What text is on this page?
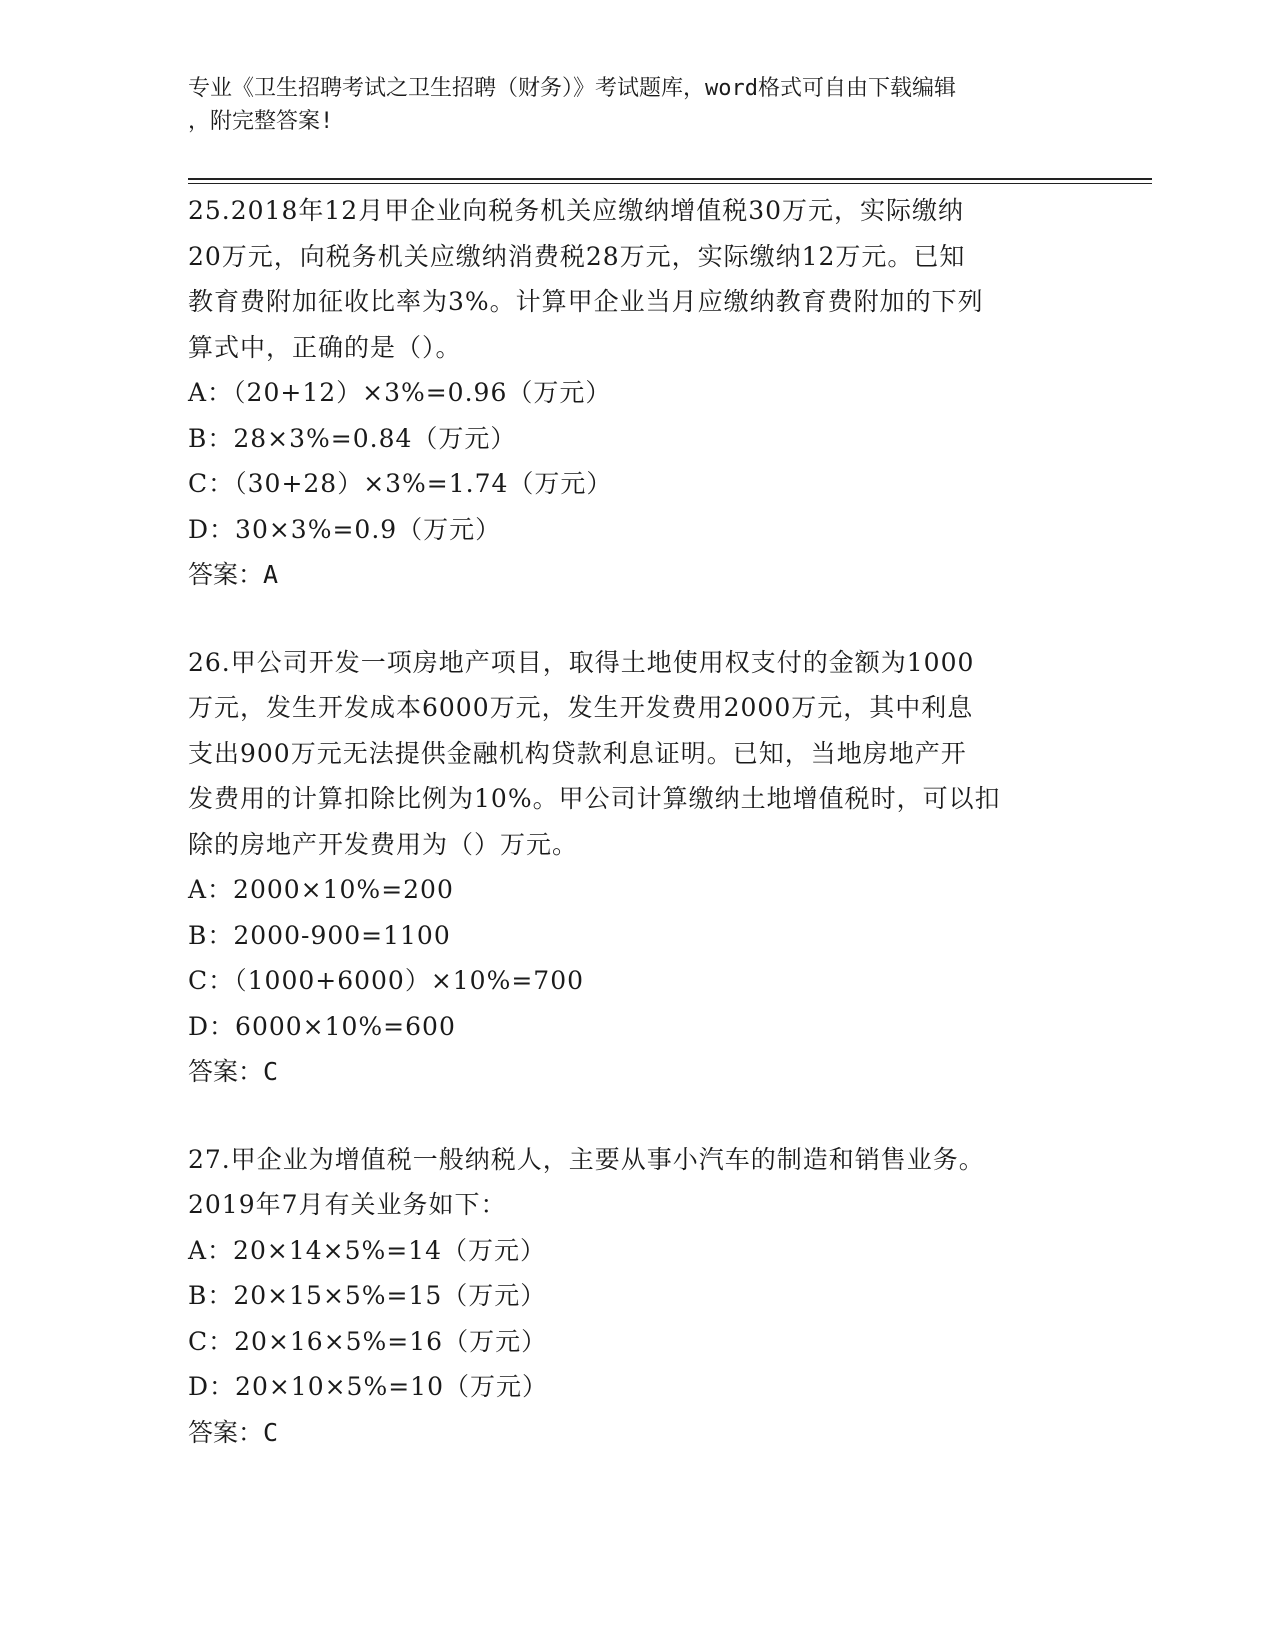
专业《卫生招聘考试之卫生招聘（财务）》考试题库，word格式可自由下载编辑
，附完整答案!
25.2018年12月甲企业向税务机关应缴纳增值税30万元，实际缴纳
20万元，向税务机关应缴纳消费税28万元，实际缴纳12万元。已知
教育费附加征收比率为3%。计算甲企业当月应缴纳教育费附加的下列
算式中，正确的是（）。
A：（20+12）×3%=0.96（万元）
B：28×3%=0.84（万元）
C：（30+28）×3%=1.74（万元）
D：30×3%=0.9（万元）
答案：A
26.甲公司开发一项房地产项目，取得土地使用权支付的金额为1000
万元，发生开发成本6000万元，发生开发费用2000万元，其中利息
支出900万元无法提供金融机构贷款利息证明。已知，当地房地产开
发费用的计算扣除比例为10%。甲公司计算缴纳土地增值税时，可以扣
除的房地产开发费用为（）万元。
A：2000×10%=200
B：2000-900=1100
C：（1000+6000）×10%=700
D：6000×10%=600
答案：C
27.甲企业为增值税一般纳税人，主要从事小汽车的制造和销售业务。
2019年7月有关业务如下：
A：20×14×5%=14（万元）
B：20×15×5%=15（万元）
C：20×16×5%=16（万元）
D：20×10×5%=10（万元）
答案：C
